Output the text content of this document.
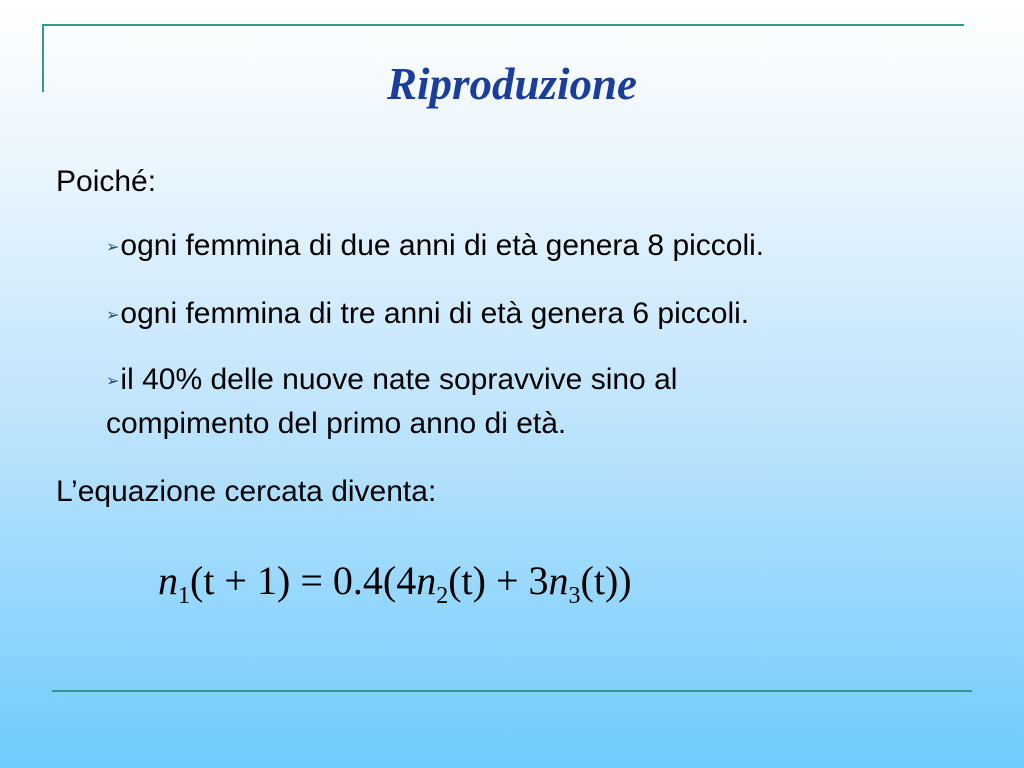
Riproduzione
Poiché:
➢ogni femmina di due anni di età genera 8 piccoli.
➢ogni femmina di tre anni di età genera 6 piccoli.
➢il 40% delle nuove nate sopravvive sino al
compimento del primo anno di età.
L’equazione cercata diventa:
$n_1(t + 1) = 0.4(4n_2(t) + 3n_3(t))$
